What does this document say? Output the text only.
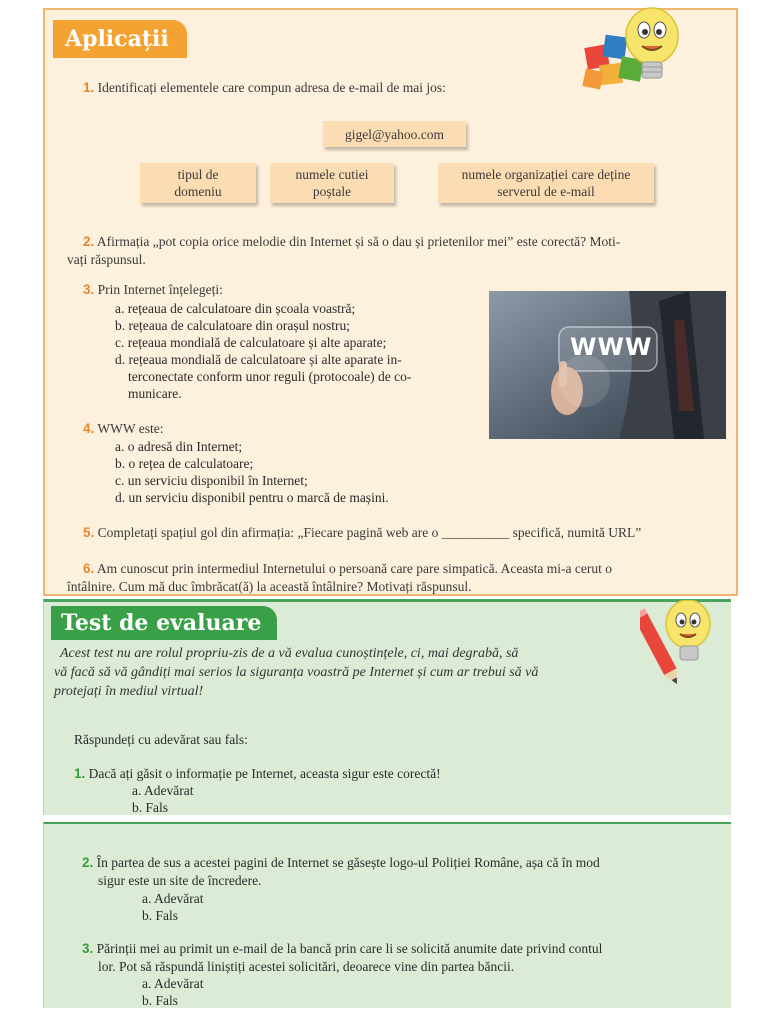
Aplicații
1. Identificați elementele care compun adresa de e-mail de mai jos:
gigel@yahoo.com
tipul de
domeniu
numele cutiei
poștale
numele organizației care deține
serverul de e-mail
2. Afirmația „pot copia orice melodie din Internet și să o dau și prietenilor mei” este corectă? Moti-
vați răspunsul.
3. Prin Internet înțelegeți:
a. rețeaua de calculatoare din școala voastră;
b. rețeaua de calculatoare din orașul nostru;
c. rețeaua mondială de calculatoare și alte aparate;
d. rețeaua mondială de calculatoare și alte aparate in-
terconectate conform unor reguli (protocoale) de co-
municare.
4. WWW este:
a. o adresă din Internet;
b. o rețea de calculatoare;
c. un serviciu disponibil în Internet;
d. un serviciu disponibil pentru o marcă de mașini.
5. Completați spațiul gol din afirmația: „Fiecare pagină web are o __________ specifică, numită URL”
6. Am cunoscut prin intermediul Internetului o persoană care pare simpatică. Aceasta mi-a cerut o
întâlnire. Cum mă duc îmbrăcat(ă) la această întâlnire? Motivați răspunsul.
WWW
Test de evaluare
Acest test nu are rolul propriu-zis de a vă evalua cunoștințele, ci, mai degrabă, să
vă facă să vă gândiți mai serios la siguranța voastră pe Internet și cum ar trebui să vă
protejați în mediul virtual!
Răspundeți cu adevărat sau fals:
1. Dacă ați găsit o informație pe Internet, aceasta sigur este corectă!
a. Adevărat
b. Fals
2. În partea de sus a acestei pagini de Internet se găsește logo-ul Poliției Române, așa că în mod
sigur este un site de încredere.
a. Adevărat
b. Fals
3. Părinții mei au primit un e-mail de la bancă prin care li se solicită anumite date privind contul
lor. Pot să răspundă liniștiți acestei solicitări, deoarece vine din partea băncii.
a. Adevărat
b. Fals
